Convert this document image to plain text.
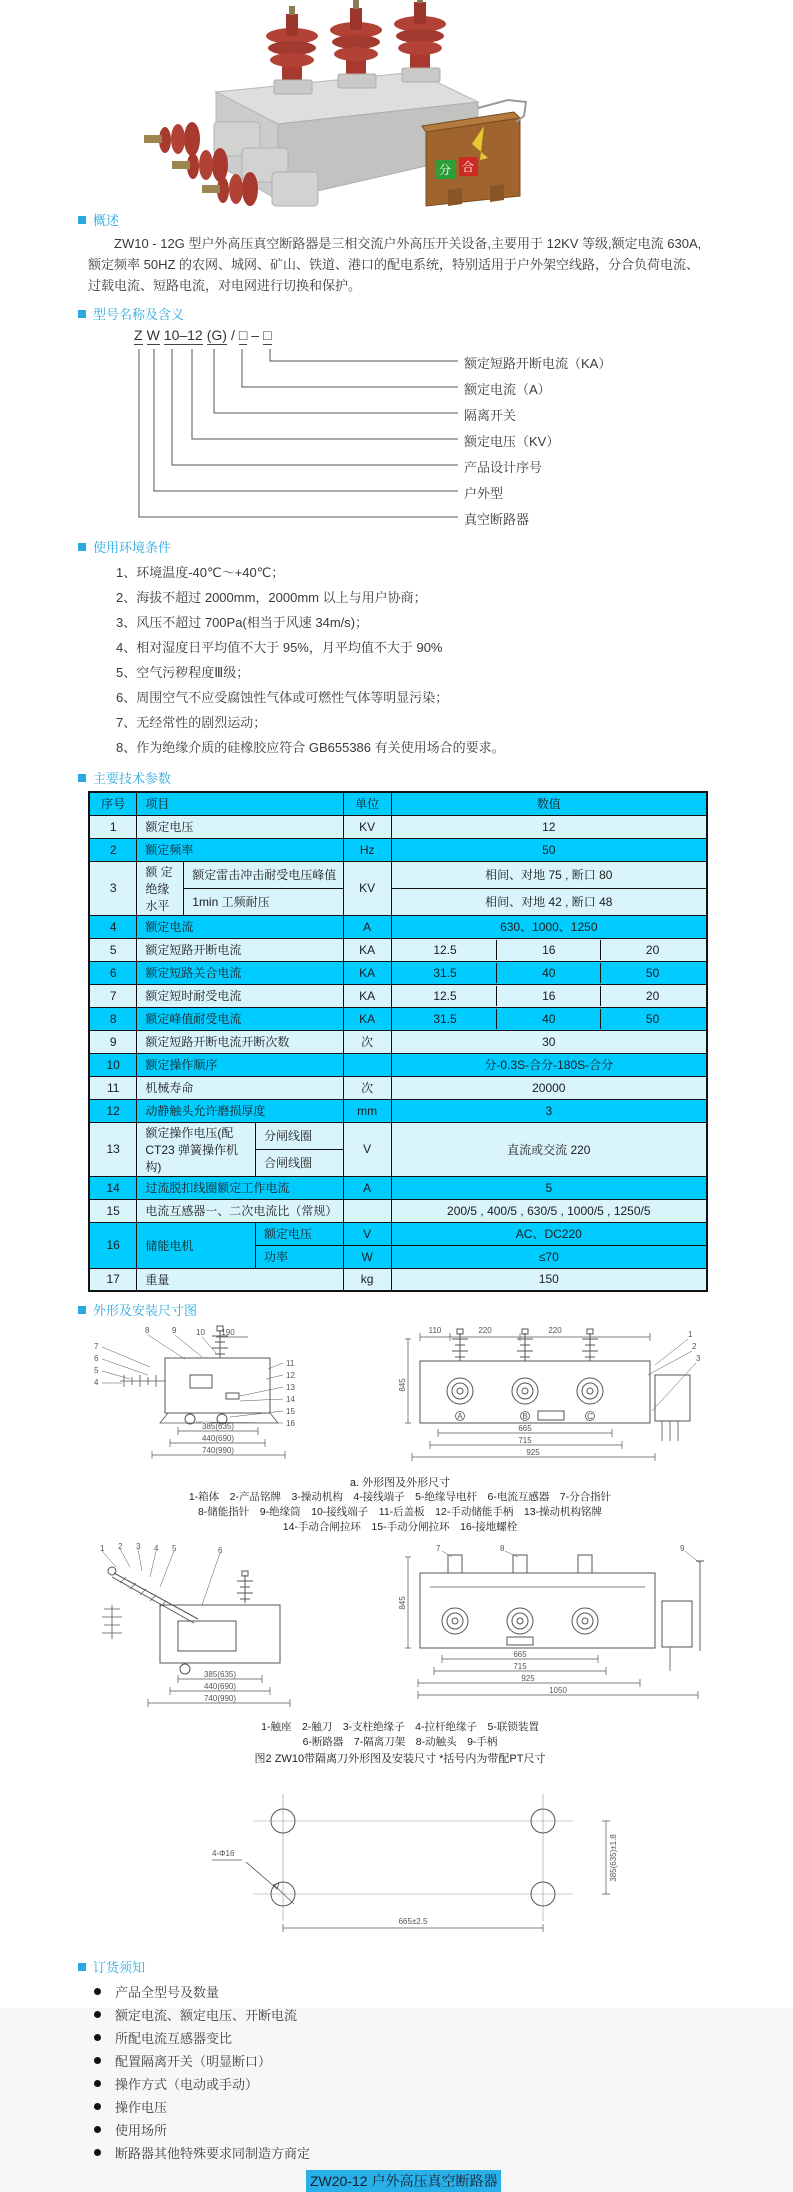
分 合
概述

ZW10 - 12G 型户外高压真空断路器是三相交流户外高压开关设备,主要用于 12KV 等级,额定电流 630A,额定频率 50HZ 的农网、城网、矿山、铁道、港口的配电系统，特别适用于户外架空线路，分合负荷电流、过载电流、短路电流，对电网进行切换和保护。

型号名称及含义
Z W 10–12 (G) / □ – □
额定短路开断电流（KA）
额定电流（A）
隔离开关
额定电压（KV）
产品设计序号
户外型
真空断路器
使用环境条件
1、环境温度-40℃～+40℃；
2、海拔不超过 2000mm，2000mm 以上与用户协商；
3、风压不超过 700Pa(相当于风速 34m/s)；
4、相对湿度日平均值不大于 95%，月平均值不大于 90%
5、空气污秽程度Ⅲ级；
6、周围空气不应受腐蚀性气体或可燃性气体等明显污染；
7、无经常性的剧烈运动；
8、作为绝缘介质的硅橡胶应符合 GB655386 有关使用场合的要求。
主要技术参数
序号	项目			单位	数值
1	额定电压			KV	12
2	额定频率			Hz	50
3	额 定 绝缘水平	额定雷击冲击耐受电压峰值		KV	相间、对地 75 , 断口 80
		1min 工频耐压			相间、对地 42 , 断口 48
4	额定电流			A	630、1000、1250
5	额定短路开断电流			KA	12.5 16 20

6	额定短路关合电流			KA	31.5 40 50

7	额定短时耐受电流			KA	12.5 16 20

8	额定峰值耐受电流			KA	31.5 40 50

9	额定短路开断电流开断次数			次	30
10	额定操作顺序				分-0.3S-合分-180S-合分
11	机械寿命			次	20000
12	动静触头允许磨损厚度			mm	3
13	额定操作电压(配 CT23 弹簧操作机构)		分闸线圈	V	直流或交流 220
			合闸线圈		
14	过流脱扣线圈额定工作电流			A	5
15	电流互感器一、二次电流比（常规）				200/5 , 400/5 , 630/5 , 1000/5 , 1250/5
16	储能电机		额定电压	V	AC、DC220
			功率	W	≤70
17	重量			kg	150
外形及安装尺寸图
8	9 10 190
7
6
5
4
11
12
13
14
15
16
385(635)
440(690)
740(990)
A	B	C
110	220	220
845
665
715
925
1
2
3
a. 外形图及外形尺寸
1-箱体　2-产品铭牌　3-操动机构　4-接线端子　5-绝缘导电杆　6-电流互感器　7-分合指针
8-储能指针　9-绝缘筒　10-接线端子　11-后盖板　12-手动储能手柄　13-操动机构铭牌
14-手动合闸拉环　15-手动分闸拉环　16-接地螺栓
1 2 3 4 5	6
385(635)
440(690)
740(990)
7	8	9
845
665
715
925
1050
1-触座　2-触刀　3-支柱绝缘子　4-拉杆绝缘子　5-联锁装置
6-断路器　7-隔离刀架　8-动触头　9-手柄
图2 ZW10带隔离刀外形图及安装尺寸 *括号内为带配PT尺寸
4-Φ16
665±2.5
385(635)±1.8
订货须知
产品全型号及数量
额定电流、额定电压、开断电流
所配电流互感器变比
配置隔离开关（明显断口）
操作方式（电动或手动）
操作电压
使用场所
断路器其他特殊要求同制造方商定
ZW20-12 户外高压真空断路器
